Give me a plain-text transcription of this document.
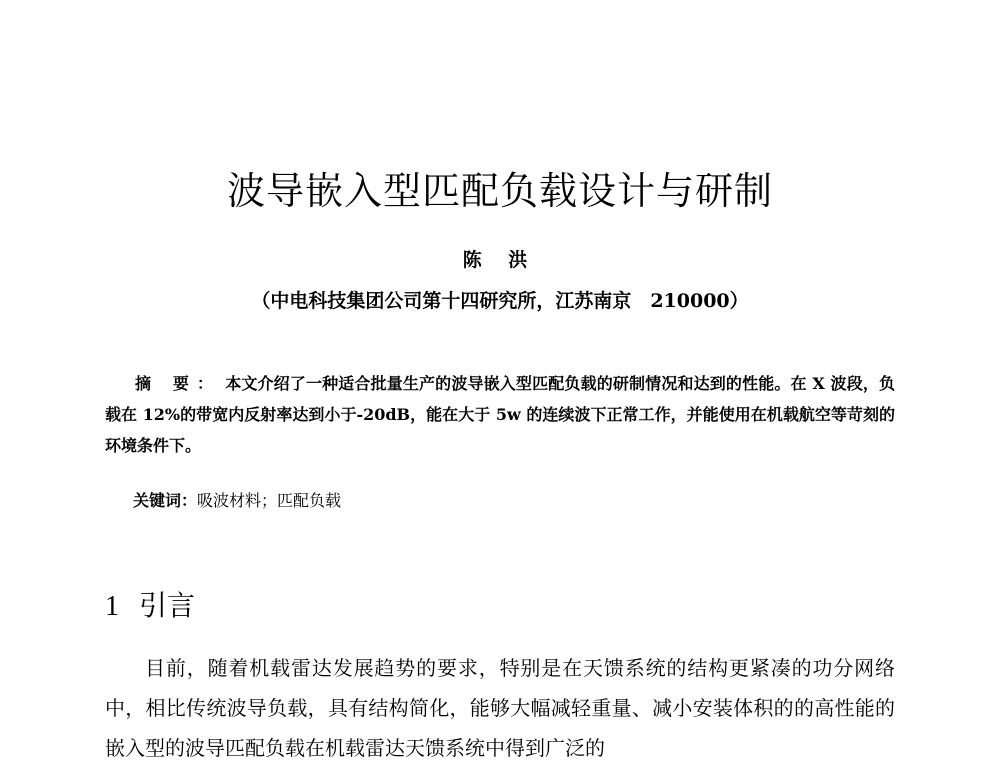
波导嵌入型匹配负载设计与研制
陈 洪
（中电科技集团公司第十四研究所，江苏南京　210000）

摘 要： 本文介绍了一种适合批量生产的波导嵌入型匹配负载的研制情况和达到的性能。在 X 波段，负载在 12%的带宽内反射率达到小于-20dB，能在大于 5w 的连续波下正常工作，并能使用在机载航空等苛刻的环境条件下。

关键词：吸波材料；匹配负载
1 引言

目前，随着机载雷达发展趋势的要求，特别是在天馈系统的结构更紧凑的功分网络中，相比传统波导负载，具有结构简化，能够大幅减轻重量、减小安装体积的的高性能的嵌入型的波导匹配负载在机载雷达天馈系统中得到广泛的
